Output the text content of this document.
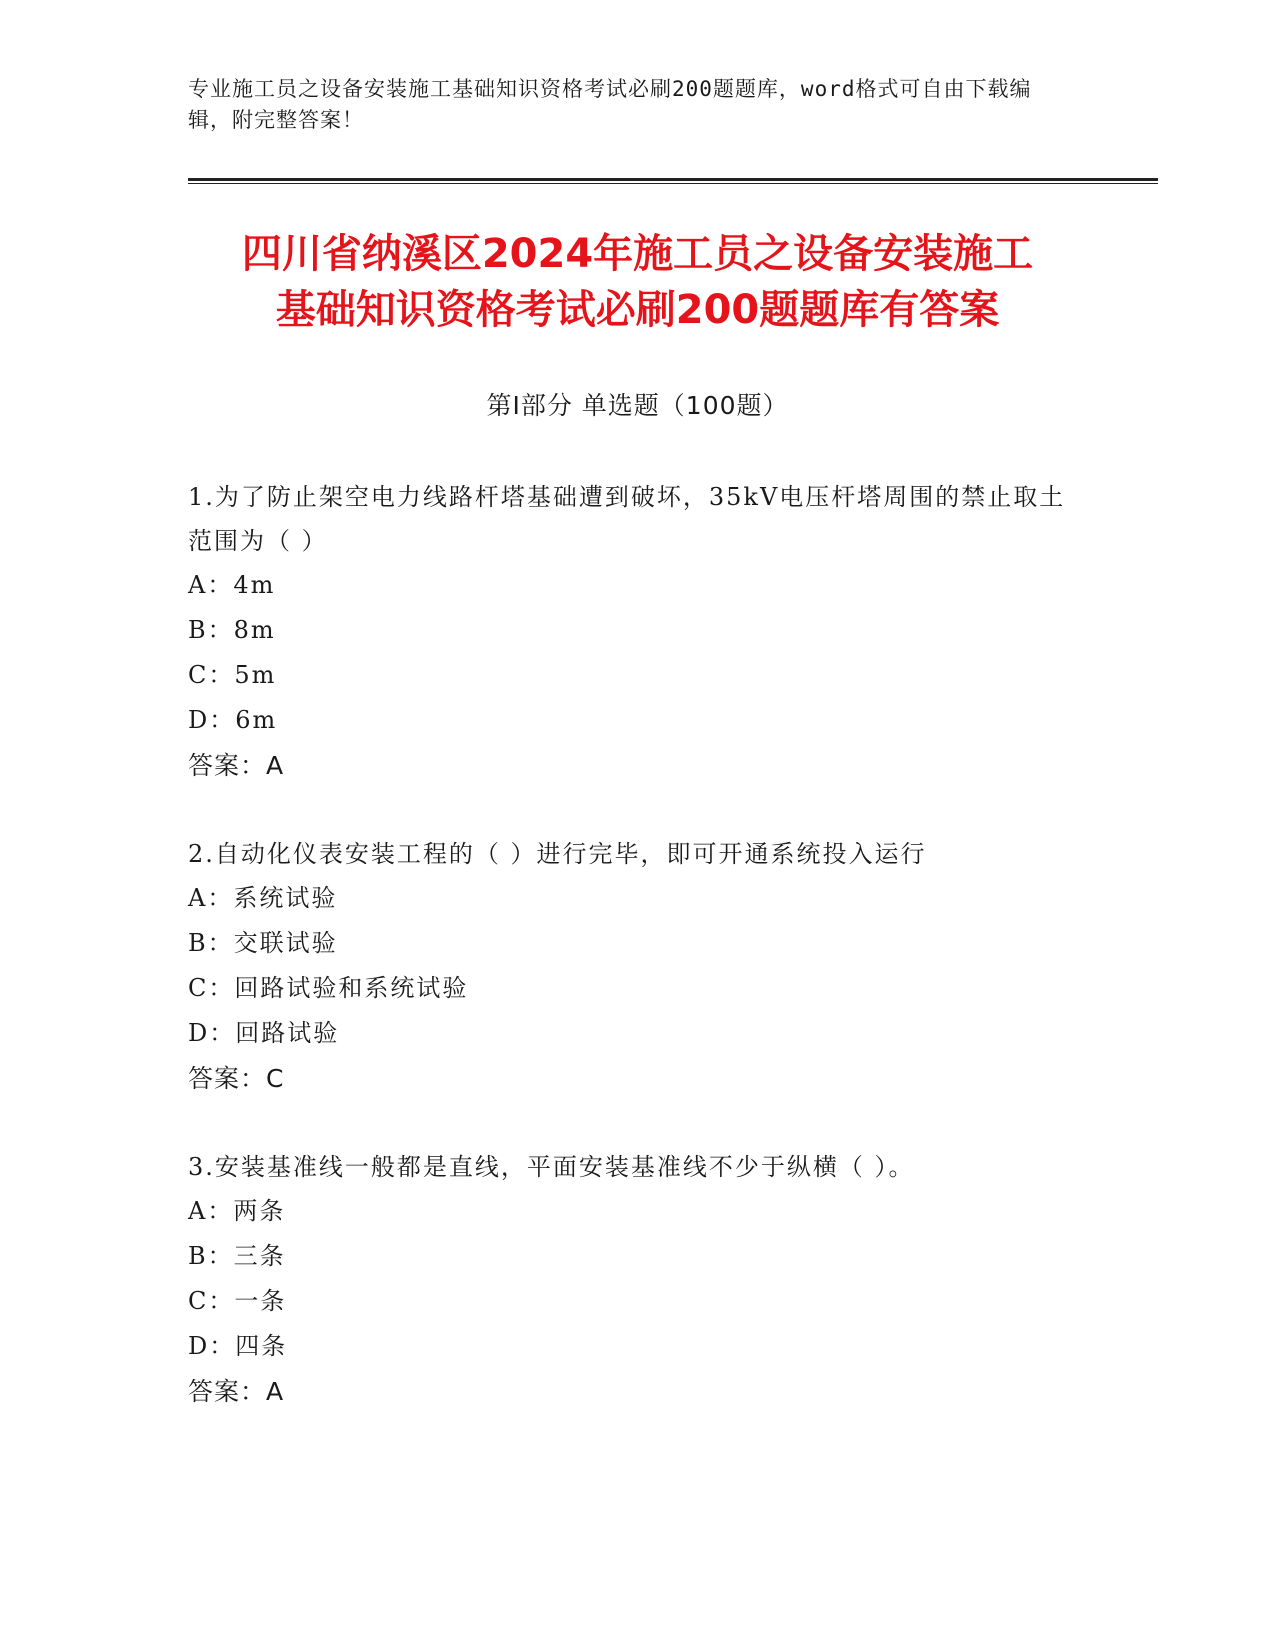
专业施工员之设备安装施工基础知识资格考试必刷200题题库，word格式可自由下载编辑，附完整答案！
四川省纳溪区2024年施工员之设备安装施工
基础知识资格考试必刷200题题库有答案
第Ⅰ部分 单选题（100题）

1.为了防止架空电力线路杆塔基础遭到破坏，35kV电压杆塔周围的禁止取土范围为（ ）

A：4m

B：8m

C：5m

D：6m

答案：A

2.自动化仪表安装工程的（ ）进行完毕，即可开通系统投入运行

A：系统试验

B：交联试验

C：回路试验和系统试验

D：回路试验

答案：C

3.安装基准线一般都是直线，平面安装基准线不少于纵横（ ）。

A：两条

B：三条

C：一条

D：四条

答案：A
